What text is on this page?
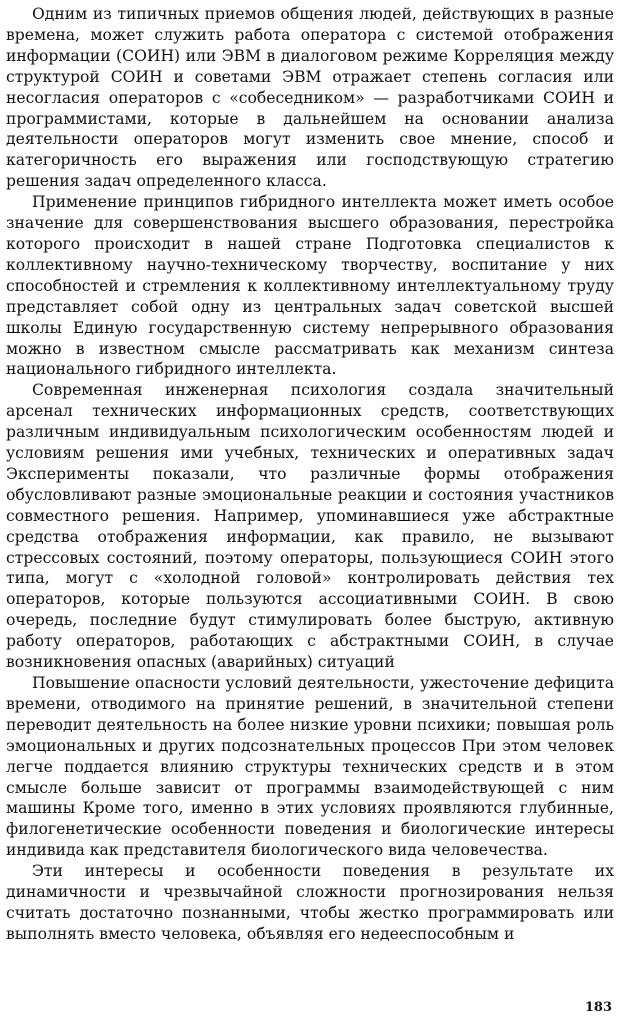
Одним из типичных приемов общения людей, действующих в разные времена, может служить работа оператора с системой отображения информации (СОИН) или ЭВМ в диалоговом режиме Корреляция между структурой СОИН и советами ЭВМ отражает степень согласия или несогласия операторов с «собеседником» — разработчиками СОИН и программистами, которые в дальнейшем на основании анализа деятельности операторов могут изменить свое мнение, способ и категоричность его выражения или господствующую стратегию решения задач определенного класса.

Применение принципов гибридного интеллекта может иметь особое значение для совершенствования высшего образования, перестройка которого происходит в нашей стране Подготовка специалистов к коллективному научно-техническому творчеству, воспитание у них способностей и стремления к коллективному интеллектуальному труду представляет собой одну из центральных задач советской высшей школы Единую государственную систему непрерывного образования можно в известном смысле рассматривать как механизм синтеза национального гибридного интеллекта.

Современная инженерная психология создала значительный арсенал технических информационных средств, соответствующих различным индивидуальным психологическим особенностям людей и условиям решения ими учебных, технических и оперативных задач Эксперименты показали, что различные формы отображения обусловливают разные эмоциональные реакции и состояния участников совместного решения. Например, упоминавшиеся уже абстрактные средства отображения информации, как правило, не вызывают стрессовых состояний, поэтому операторы, пользующиеся СОИН этого типа, могут с «холодной головой» контролировать действия тех операторов, которые пользуются ассоциативными СОИН. В свою очередь, последние будут стимулировать более быструю, активную работу операторов, работающих с абстрактными СОИН, в случае возникновения опасных (аварийных) ситуаций

Повышение опасности условий деятельности, ужесточение дефицита времени, отводимого на принятие решений, в значительной степени переводит деятельность на более низкие уровни психики; повышая роль эмоциональных и других подсознательных процессов При этом человек легче поддается влиянию структуры технических средств и в этом смысле больше зависит от программы взаимодействующей с ним машины Кроме того, именно в этих условиях проявляются глубинные, филогенетические особенности поведения и биологические интересы индивида как представителя биологического вида человечества.

Эти интересы и особенности поведения в результате их динамичности и чрезвычайной сложности прогнозирования нельзя считать достаточно познанными, чтобы жестко программировать или выполнять вместо человека, объявляя его недееспособным и

183
